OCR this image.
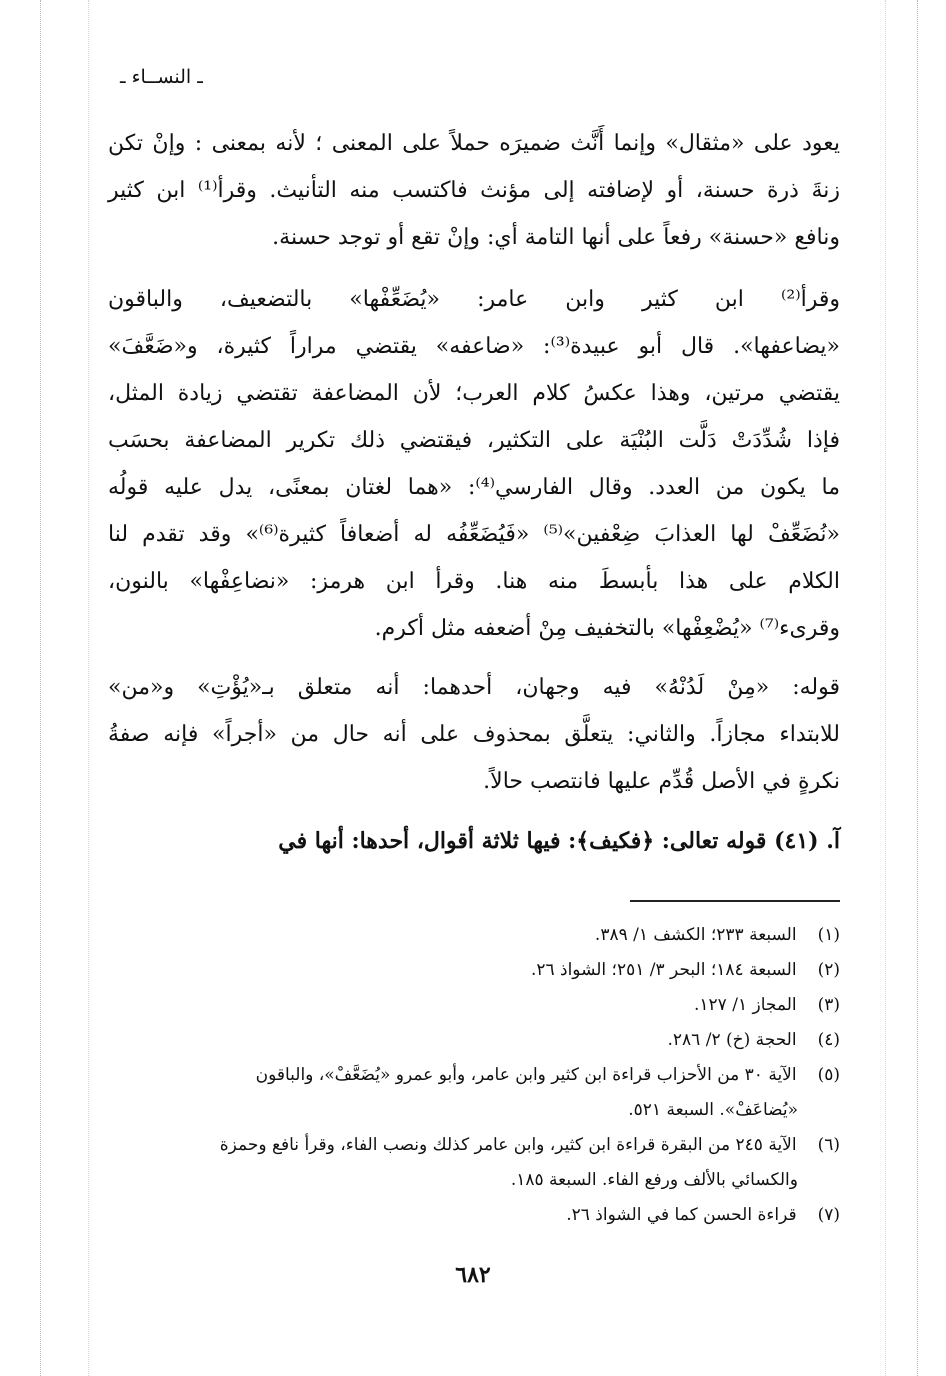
ـ النســاء ـ
يعود على «مثقال» وإنما أَنَّث ضميرَه حملاً على المعنى ؛ لأنه بمعنى : وإنْ تكن
زنةَ ذرة حسنة، أو لإضافته إلى مؤنث فاكتسب منه التأنيث. وقرأ⁽¹⁾ ابن كثير
ونافع «حسنة» رفعاً على أنها التامة أي: وإنْ تقع أو توجد حسنة.
وقرأ⁽²⁾ ابن كثير وابن عامر: «يُضَعِّفْها» بالتضعيف، والباقون
«يضاعفها». قال أبو عبيدة⁽³⁾: «ضاعفه» يقتضي مراراً كثيرة، و«ضَعَّفَ»
يقتضي مرتين، وهذا عكسُ كلام العرب؛ لأن المضاعفة تقتضي زيادة المثل،
فإذا شُدِّدَتْ دَلَّت البُنْيَة على التكثير، فيقتضي ذلك تكرير المضاعفة بحسَب
ما يكون من العدد. وقال الفارسي⁽⁴⁾: «هما لغتان بمعنًى، يدل عليه قولُه
«نُضَعِّفْ لها العذابَ ضِعْفين»⁽⁵⁾ «فَيُضَعِّفُه له أضعافاً كثيرة⁽⁶⁾» وقد تقدم لنا
الكلام على هذا بأبسطَ منه هنا. وقرأ ابن هرمز: «نضاعِفْها» بالنون،
وقرىء⁽⁷⁾ «يُضْعِفْها» بالتخفيف مِنْ أضعفه مثل أكرم.
قوله: «مِنْ لَدُنْهُ» فيه وجهان، أحدهما: أنه متعلق بـ«يُؤْتِ» و«من»
للابتداء مجازاً. والثاني: يتعلَّق بمحذوف على أنه حال من «أجراً» فإنه صفةُ
نكرةٍ في الأصل قُدِّم عليها فانتصب حالاً.
آ. (٤١) قوله تعالى: ﴿فكيف﴾: فيها ثلاثة أقوال، أحدها: أنها في
(١) السبعة ٢٣٣؛ الكشف ١/ ٣٨٩.
(٢) السبعة ١٨٤؛ البحر ٣/ ٢٥١؛ الشواذ ٢٦.
(٣) المجاز ١/ ١٢٧.
(٤) الحجة (خ) ٢/ ٢٨٦.
(٥) الآية ٣٠ من الأحزاب قراءة ابن كثير وابن عامر، وأبو عمرو «يُضَعَّفْ»، والباقون
«يُضاعَفْ». السبعة ٥٢١.
(٦) الآية ٢٤٥ من البقرة قراءة ابن كثير، وابن عامر كذلك ونصب الفاء، وقرأ نافع وحمزة
والكسائي بالألف ورفع الفاء. السبعة ١٨٥.
(٧) قراءة الحسن كما في الشواذ ٢٦.
٦٨٢
